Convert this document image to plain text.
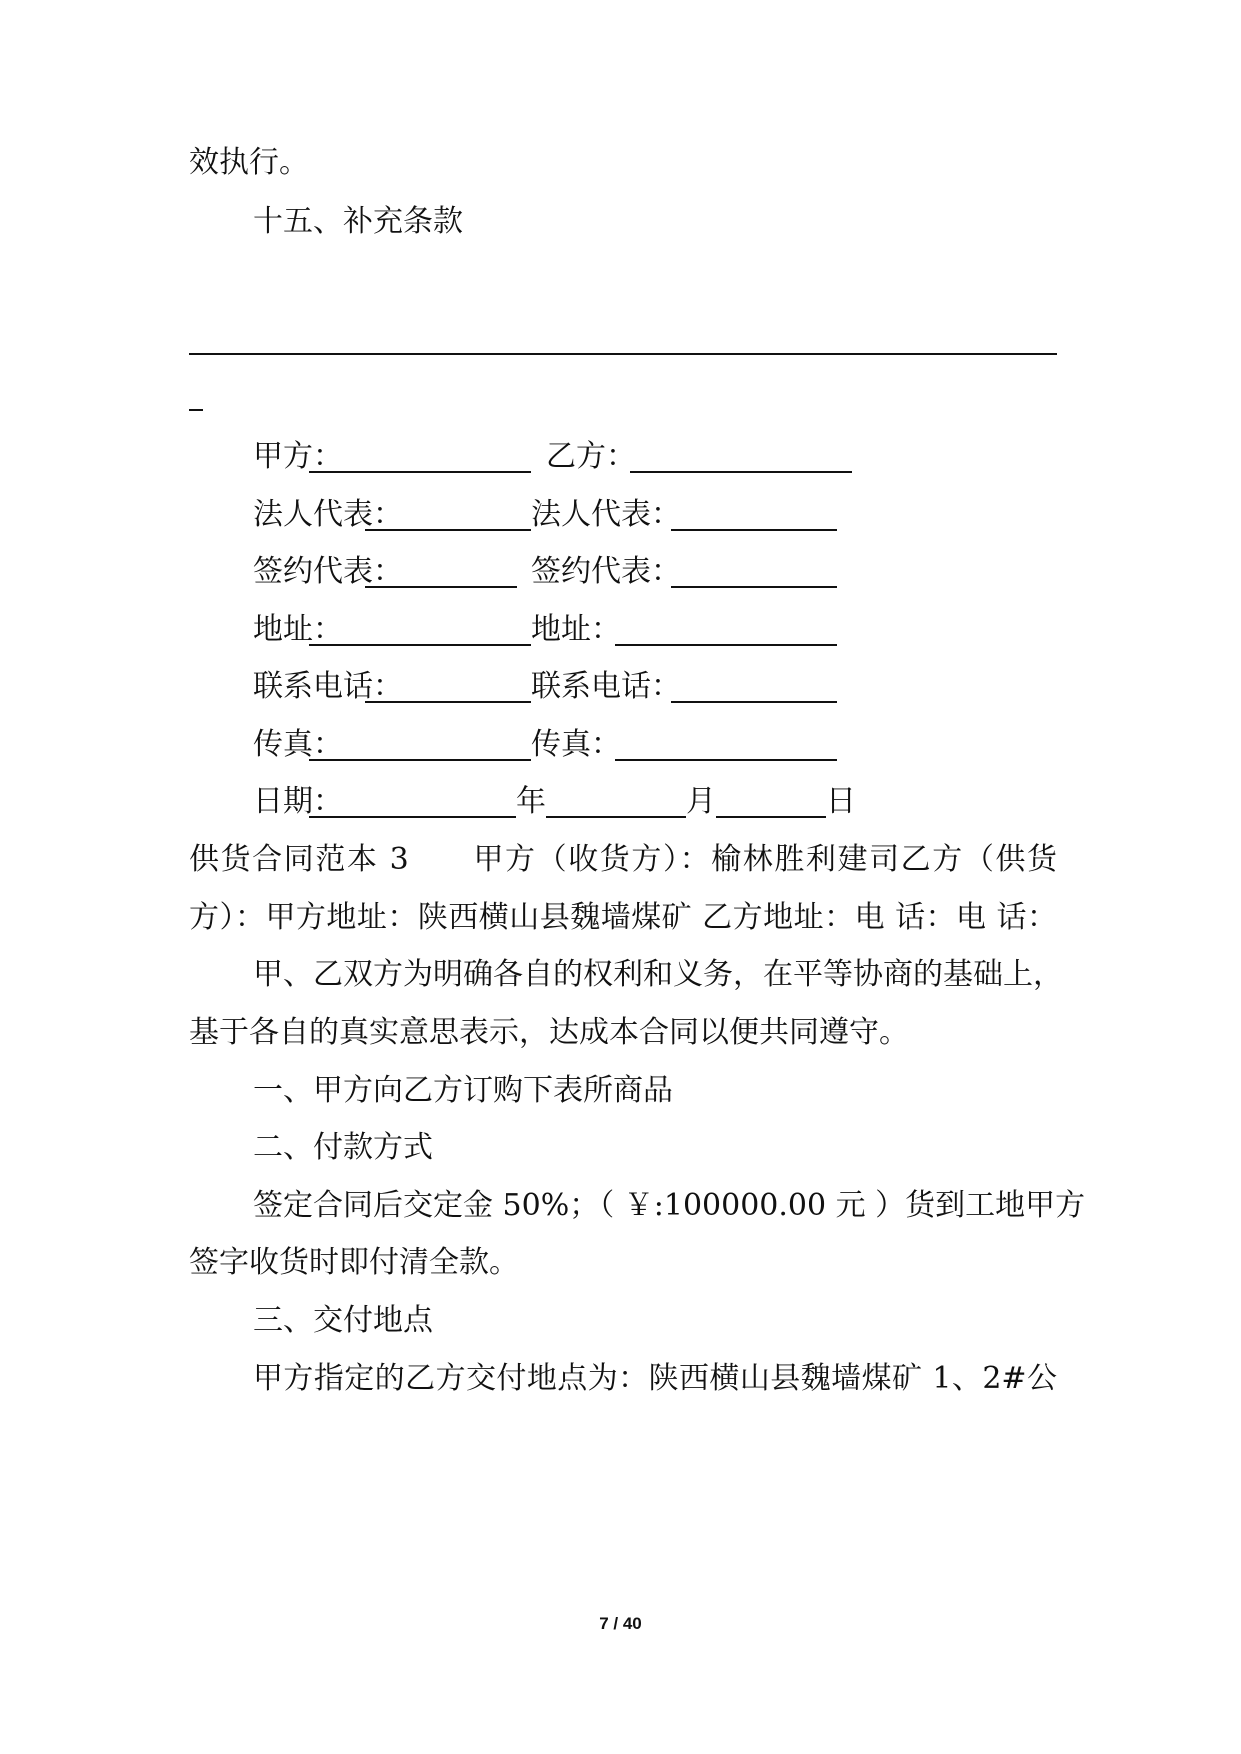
效执行。
十五、补充条款
甲方：	乙方：
法人代表：	法人代表：
签约代表：	签约代表：
地址：	地址：
联系电话：	联系电话：
传真：	传真：
日期：	年	月	日
供货合同范本 3　　甲方（收货方）：榆林胜利建司乙方（供货
方）：甲方地址：陕西横山县魏墙煤矿 乙方地址：电 话：电 话：
甲、乙双方为明确各自的权利和义务，在平等协商的基础上，
基于各自的真实意思表示，达成本合同以便共同遵守。
一、甲方向乙方订购下表所商品
二、付款方式
签定合同后交定金 50%；（ ￥:100000.00 元 ）货到工地甲方
签字收货时即付清全款。
三、交付地点
甲方指定的乙方交付地点为：陕西横山县魏墙煤矿 1、2#公
7 / 40
